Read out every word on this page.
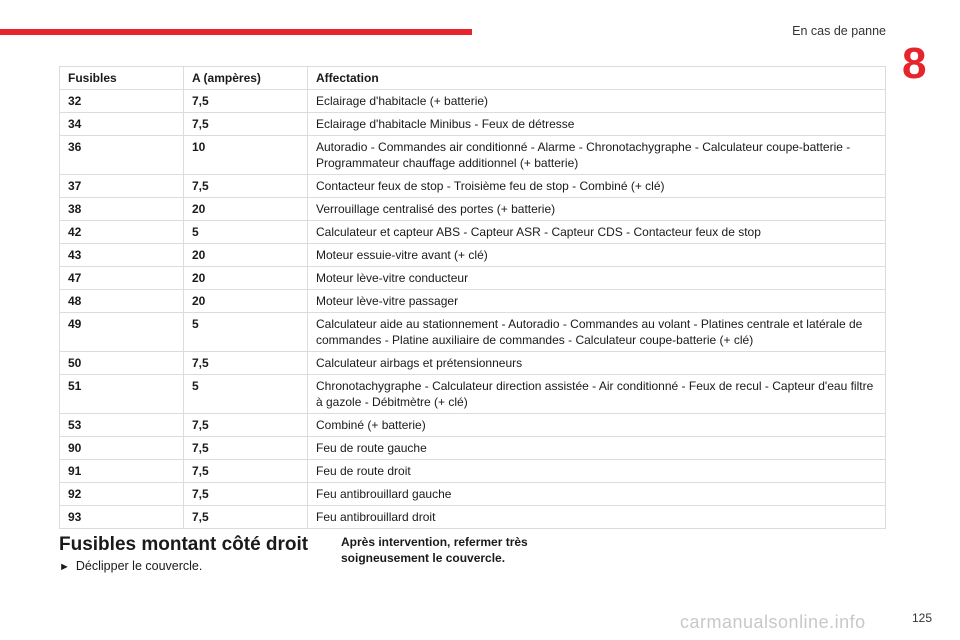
En cas de panne
8
Fusibles	A (ampères)	Affectation
32	7,5	Eclairage d'habitacle (+ batterie)
34	7,5	Eclairage d'habitacle Minibus - Feux de détresse
36	10	Autoradio - Commandes air conditionné - Alarme - Chronotachygraphe - Calculateur coupe-batterie - Programmateur chauffage additionnel (+ batterie)
37	7,5	Contacteur feux de stop - Troisième feu de stop - Combiné (+ clé)
38	20	Verrouillage centralisé des portes (+ batterie)
42	5	Calculateur et capteur ABS - Capteur ASR - Capteur CDS - Contacteur feux de stop
43	20	Moteur essuie-vitre avant (+ clé)
47	20	Moteur lève-vitre conducteur
48	20	Moteur lève-vitre passager
49	5	Calculateur aide au stationnement - Autoradio - Commandes au volant - Platines centrale et latérale de commandes - Platine auxiliaire de commandes - Calculateur coupe-batterie (+ clé)
50	7,5	Calculateur airbags et prétensionneurs
51	5	Chronotachygraphe - Calculateur direction assistée - Air conditionné - Feux de recul - Capteur d'eau filtre à gazole - Débitmètre (+ clé)
53	7,5	Combiné (+ batterie)
90	7,5	Feu de route gauche
91	7,5	Feu de route droit
92	7,5	Feu antibrouillard gauche
93	7,5	Feu antibrouillard droit
Fusibles montant côté droit
► Déclipper le couvercle.
Après intervention, refermer très soigneusement le couvercle.
carmanualsonline.info	125
